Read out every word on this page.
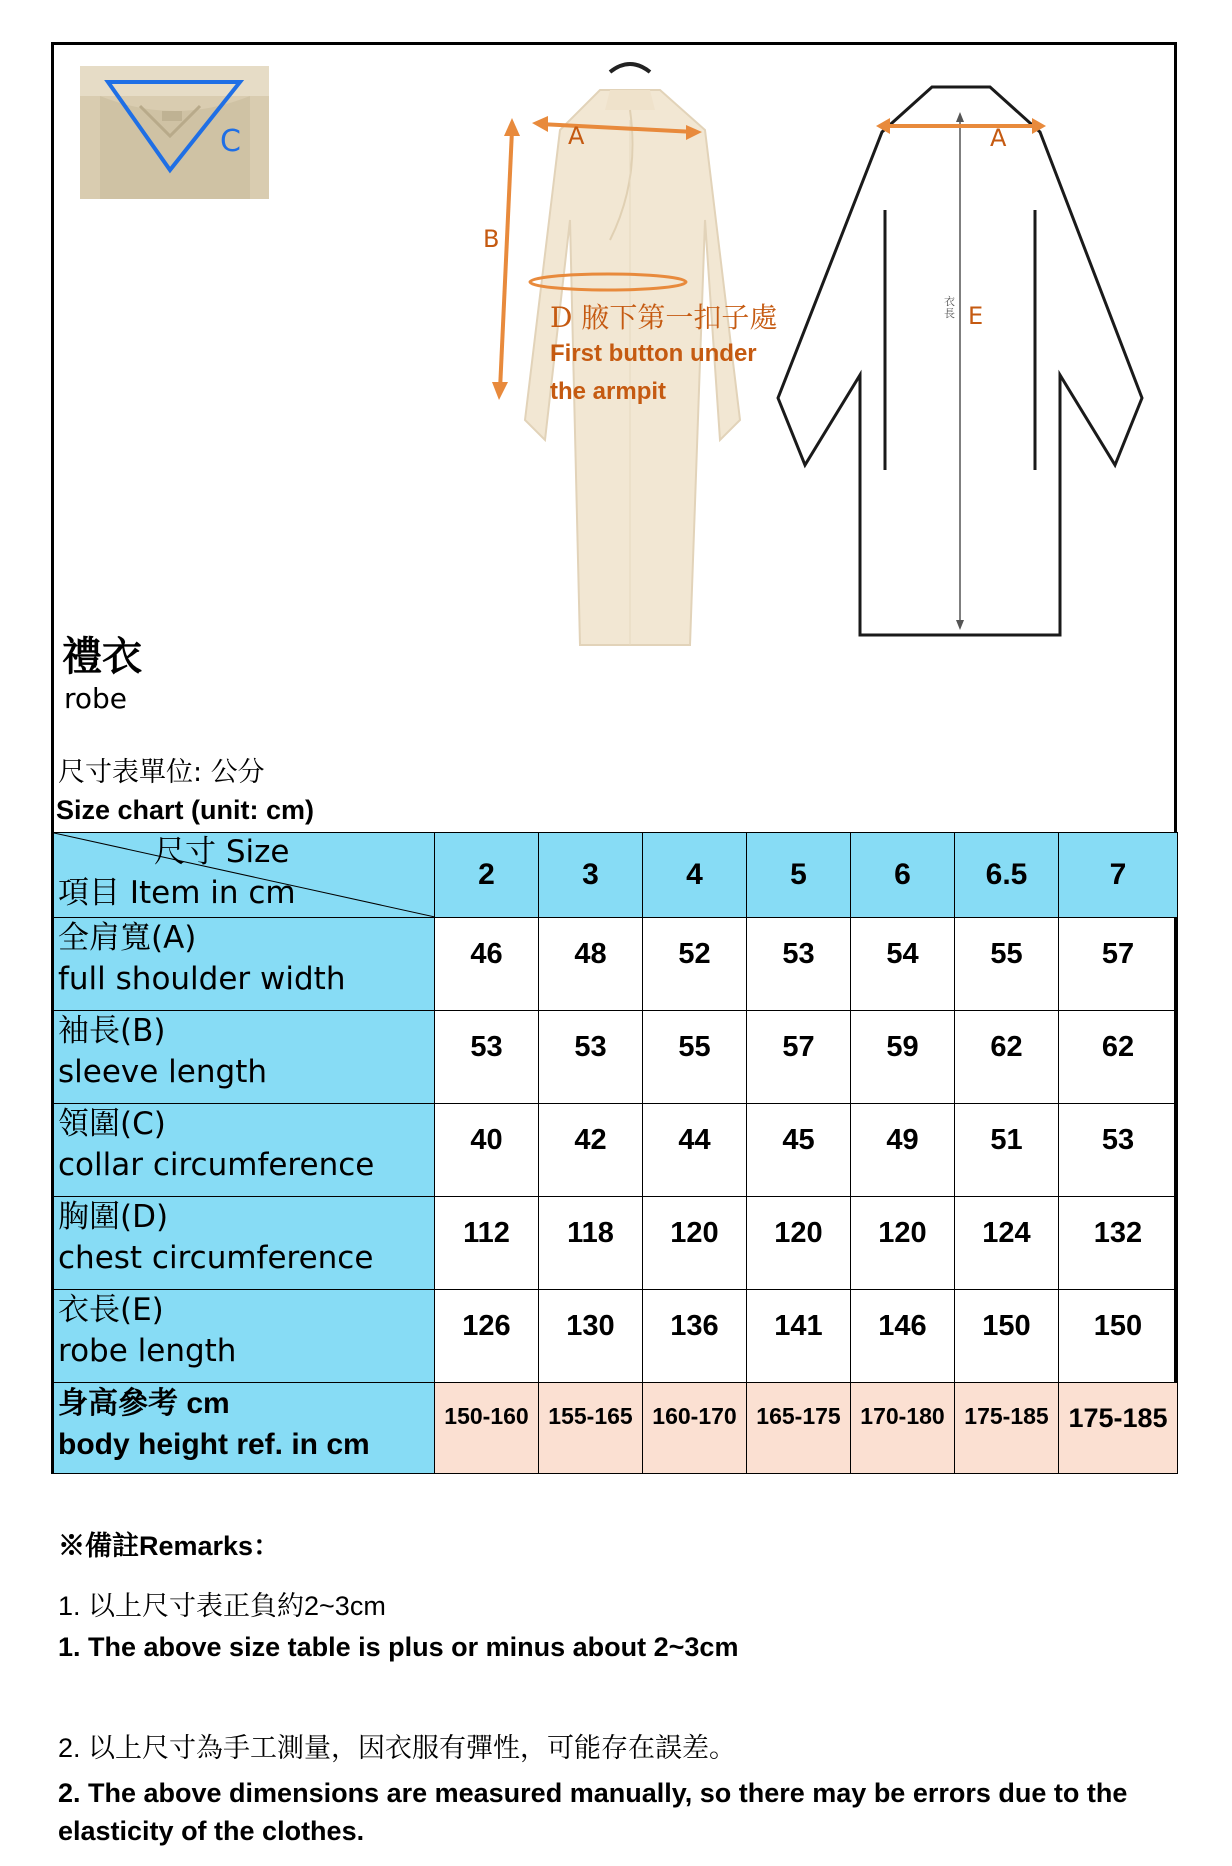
C	A
B
D 腋下第一扣子處
First button under
the armpit
A
衣長 E
禮衣
robe
尺寸表單位: 公分
Size chart (unit: cm)
尺寸 Size
項目 Item in cm	2	3	4	5	6	6.5	7

全肩寬(A)
full shoulder width	46	48	52	53	54	55	57

袖長(B)
sleeve length	53	53	55	57	59	62	62

領圍(C)
collar circumference	40	42	44	45	49	51	53

胸圍(D)
chest circumference	112	118	120	120	120	124	132

衣長(E)
robe length	126	130	136	141	146	150	150

身高參考 cm
body height ref. in cm	150-160	155-165	160-170	165-175	170-180	175-185	175-185
※備註Remarks：
1. 以上尺寸表正負約2~3cm
1. The above size table is plus or minus about 2~3cm
2. 以上尺寸為手工測量，因衣服有彈性，可能存在誤差。
2. The above dimensions are measured manually, so there may be errors due to the elasticity of the clothes.
